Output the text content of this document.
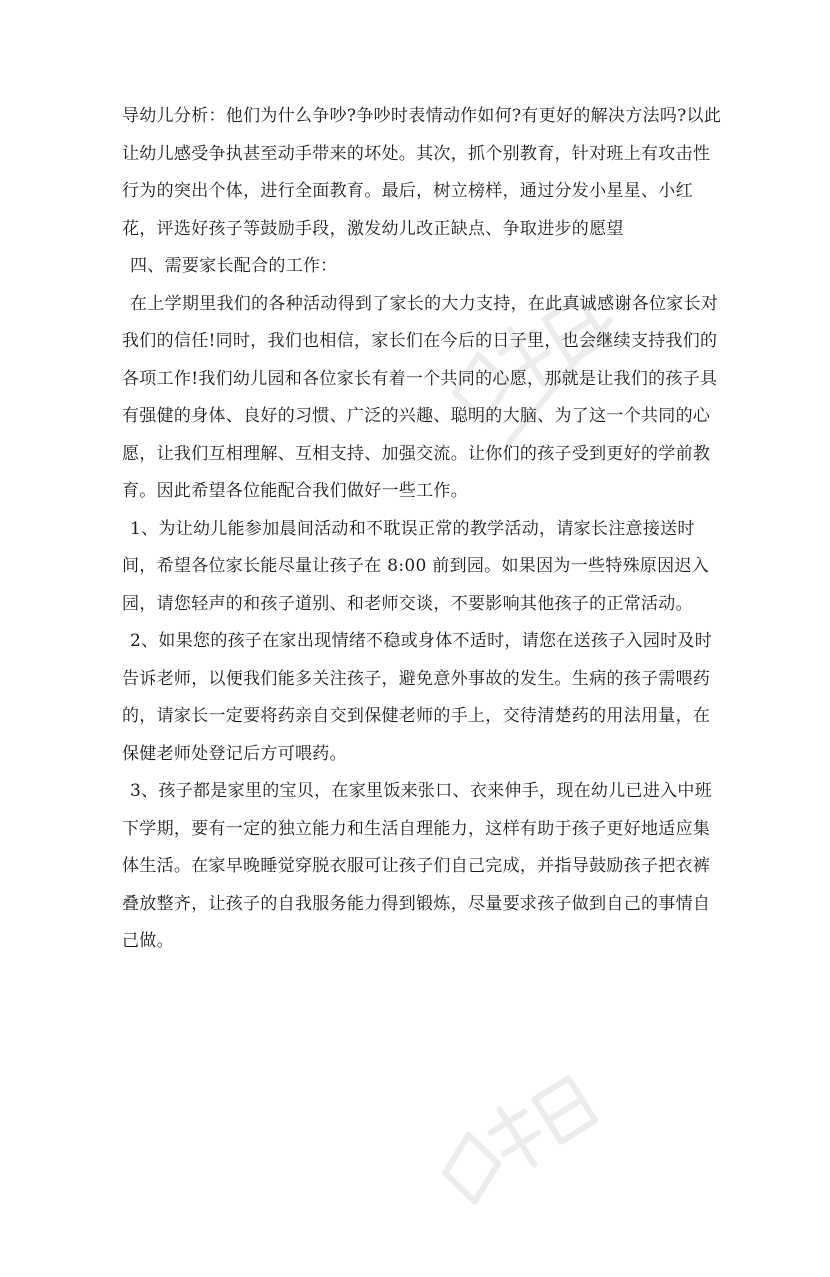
导幼儿分析：他们为什么争吵?争吵时表情动作如何?有更好的解决方法吗?以此让幼儿感受争执甚至动手带来的坏处。其次，抓个别教育，针对班上有攻击性行为的突出个体，进行全面教育。最后，树立榜样，通过分发小星星、小红花，评选好孩子等鼓励手段，激发幼儿改正缺点、争取进步的愿望

四、需要家长配合的工作：

在上学期里我们的各种活动得到了家长的大力支持，在此真诚感谢各位家长对我们的信任!同时，我们也相信，家长们在今后的日子里，也会继续支持我们的各项工作!我们幼儿园和各位家长有着一个共同的心愿，那就是让我们的孩子具有强健的身体、良好的习惯、广泛的兴趣、聪明的大脑、为了这一个共同的心愿，让我们互相理解、互相支持、加强交流。让你们的孩子受到更好的学前教育。因此希望各位能配合我们做好一些工作。

1、为让幼儿能参加晨间活动和不耽误正常的教学活动，请家长注意接送时间，希望各位家长能尽量让孩子在 8:00 前到园。如果因为一些特殊原因迟入园，请您轻声的和孩子道别、和老师交谈，不要影响其他孩子的正常活动。

2、如果您的孩子在家出现情绪不稳或身体不适时，请您在送孩子入园时及时告诉老师，以便我们能多关注孩子，避免意外事故的发生。生病的孩子需喂药的，请家长一定要将药亲自交到保健老师的手上，交待清楚药的用法用量，在保健老师处登记后方可喂药。

3、孩子都是家里的宝贝，在家里饭来张口、衣来伸手，现在幼儿已进入中班下学期，要有一定的独立能力和生活自理能力，这样有助于孩子更好地适应集体生活。在家早晚睡觉穿脱衣服可让孩子们自己完成，并指导鼓励孩子把衣裤叠放整齐，让孩子的自我服务能力得到锻炼，尽量要求孩子做到自己的事情自己做。
